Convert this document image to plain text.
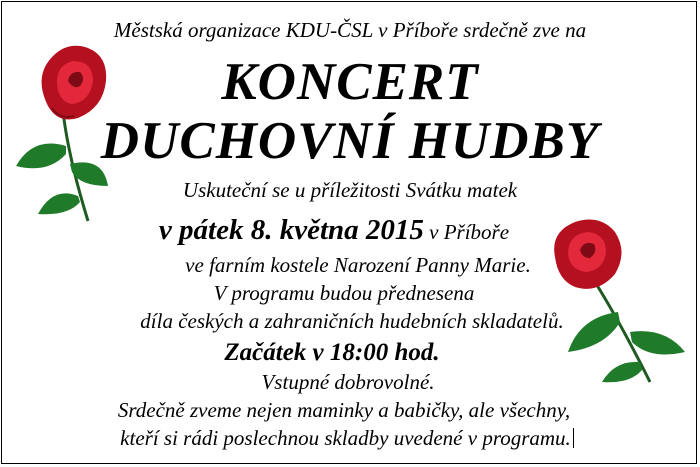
Městská organizace KDU-ČSL v Příboře srdečně zve na
KONCERT
DUCHOVNÍ HUDBY
Uskuteční se u příležitosti Svátku matek
v pátek 8. května 2015 v Příboře
ve farním kostele Narození Panny Marie.
V programu budou přednesena
díla českých a zahraničních hudebních skladatelů.
Začátek v 18:00 hod.
Vstupné dobrovolné.
Srdečně zveme nejen maminky a babičky, ale všechny,
kteří si rádi poslechnou skladby uvedené v programu.
